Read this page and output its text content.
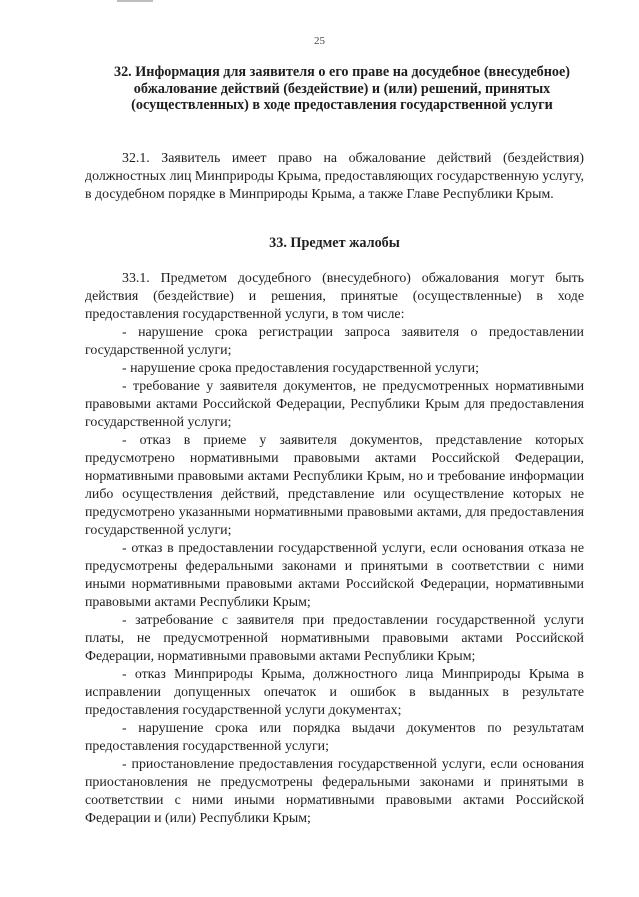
25
32. Информация для заявителя о его праве на досудебное (внесудебное) обжалование действий (бездействие) и (или) решений, принятых (осуществленных) в ходе предоставления государственной услуги

32.1. Заявитель имеет право на обжалование действий (бездействия) должностных лиц Минприроды Крыма, предоставляющих государственную услугу, в досудебном порядке в Минприроды Крыма, а также Главе Республики Крым.

33. Предмет жалобы

33.1. Предметом досудебного (внесудебного) обжалования могут быть действия (бездействие) и решения, принятые (осуществленные) в ходе предоставления государственной услуги, в том числе:

- нарушение срока регистрации запроса заявителя о предоставлении государственной услуги;
- нарушение срока предоставления государственной услуги;
- требование у заявителя документов, не предусмотренных нормативными правовыми актами Российской Федерации, Республики Крым для предоставления государственной услуги;
- отказ в приеме у заявителя документов, представление которых предусмотрено нормативными правовыми актами Российской Федерации, нормативными правовыми актами Республики Крым, но и требование информации либо осуществления действий, представление или осуществление которых не предусмотрено указанными нормативными правовыми актами, для предоставления государственной услуги;
- отказ в предоставлении государственной услуги, если основания отказа не предусмотрены федеральными законами и принятыми в соответствии с ними иными нормативными правовыми актами Российской Федерации, нормативными правовыми актами Республики Крым;
- затребование с заявителя при предоставлении государственной услуги платы, не предусмотренной нормативными правовыми актами Российской Федерации, нормативными правовыми актами Республики Крым;
- отказ Минприроды Крыма, должностного лица Минприроды Крыма в исправлении допущенных опечаток и ошибок в выданных в результате предоставления государственной услуги документах;
- нарушение срока или порядка выдачи документов по результатам предоставления государственной услуги;
- приостановление предоставления государственной услуги, если основания приостановления не предусмотрены федеральными законами и принятыми в соответствии с ними иными нормативными правовыми актами Российской Федерации и (или) Республики Крым;
